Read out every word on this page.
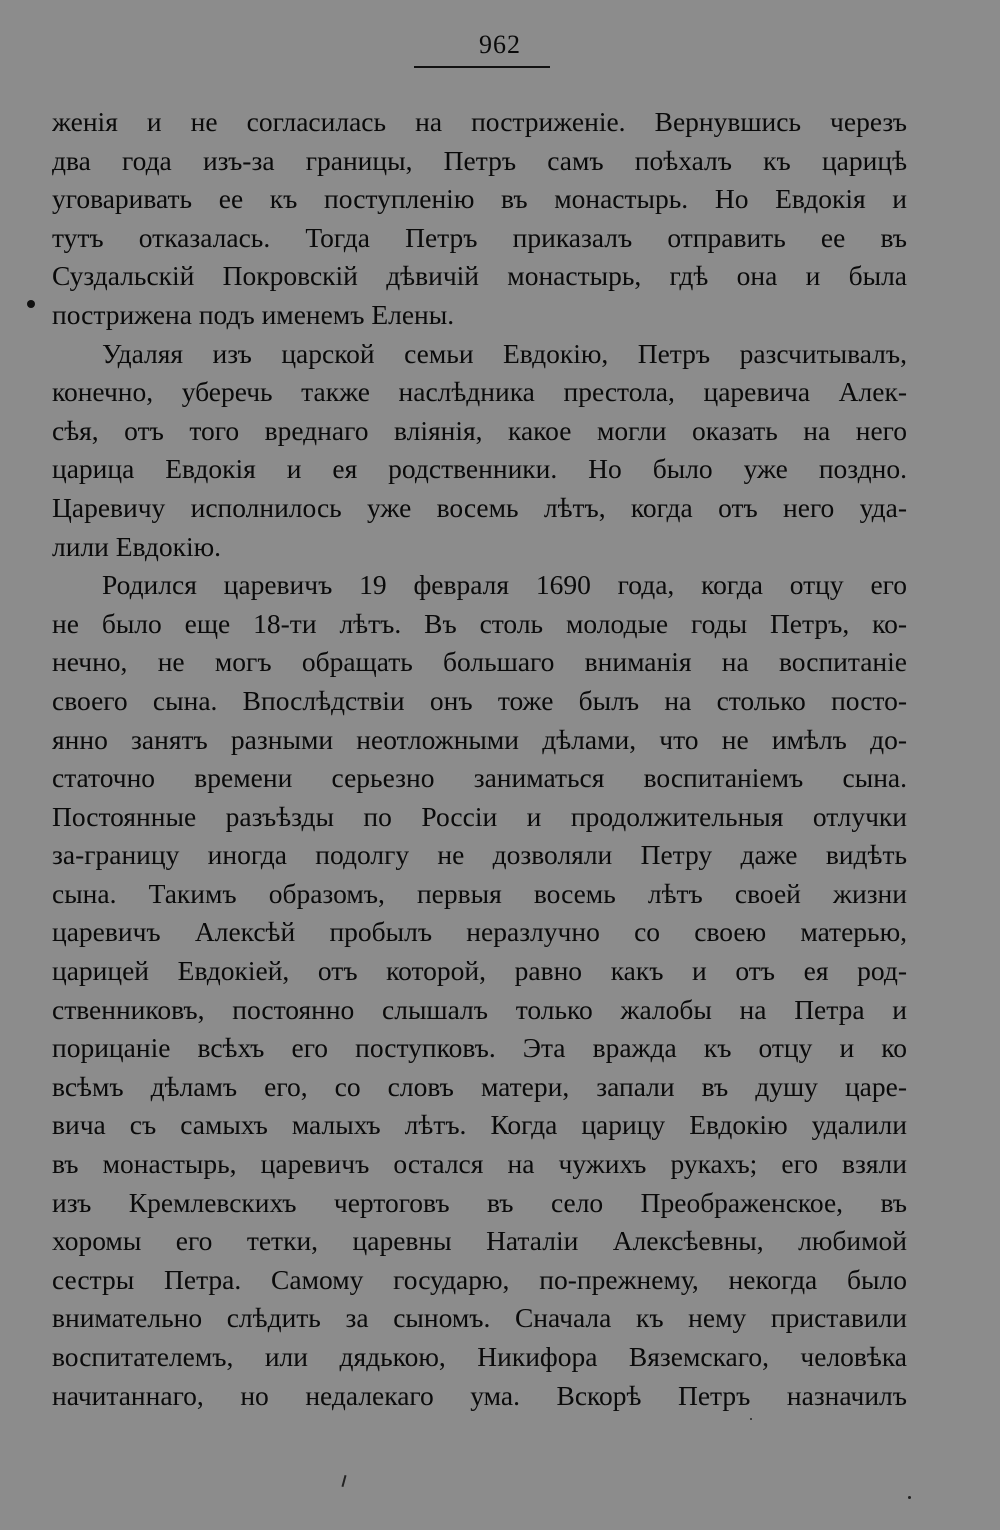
962
женія и не согласилась на постриженіе. Вернувшись черезъ
два года изъ-за границы, Петръ самъ поѣхалъ къ царицѣ
уговаривать ее къ поступленію въ монастырь. Но Евдокія и
тутъ отказалась. Тогда Петръ приказалъ отправить ее въ
Суздальскій Покровскій дѣвичій монастырь, гдѣ она и была
пострижена подъ именемъ Елены.
Удаляя изъ царской семьи Евдокію, Петръ разсчитывалъ,
конечно, уберечь также наслѣдника престола, царевича Алек-
сѣя, отъ того вреднаго вліянія, какое могли оказать на него
царица Евдокія и ея родственники. Но было уже поздно.
Царевичу исполнилось уже восемь лѣтъ, когда отъ него уда-
лили Евдокію.
Родился царевичъ 19 февраля 1690 года, когда отцу его
не было еще 18-ти лѣтъ. Въ столь молодые годы Петръ, ко-
нечно, не могъ обращать большаго вниманія на воспитаніе
своего сына. Впослѣдствіи онъ тоже былъ на столько посто-
янно занятъ разными неотложными дѣлами, что не имѣлъ до-
статочно времени серьезно заниматься воспитаніемъ сына.
Постоянные разъѣзды по Россіи и продолжительныя отлучки
за-границу иногда подолгу не дозволяли Петру даже видѣть
сына. Такимъ образомъ, первыя восемь лѣтъ своей жизни
царевичъ Алексѣй пробылъ неразлучно со своею матерью,
царицей Евдокіей, отъ которой, равно какъ и отъ ея род-
ственниковъ, постоянно слышалъ только жалобы на Петра и
порицаніе всѣхъ его поступковъ. Эта вражда къ отцу и ко
всѣмъ дѣламъ его, со словъ матери, запали въ душу царе-
вича съ самыхъ малыхъ лѣтъ. Когда царицу Евдокію удалили
въ монастырь, царевичъ остался на чужихъ рукахъ; его взяли
изъ Кремлевскихъ чертоговъ въ село Преображенское, въ
хоромы его тетки, царевны Наталіи Алексѣевны, любимой
сестры Петра. Самому государю, по-прежнему, некогда было
внимательно слѣдить за сыномъ. Сначала къ нему приставили
воспитателемъ, или дядькою, Никифора Вяземскаго, человѣка
начитаннаго, но недалекаго ума. Вскорѣ Петръ назначилъ
